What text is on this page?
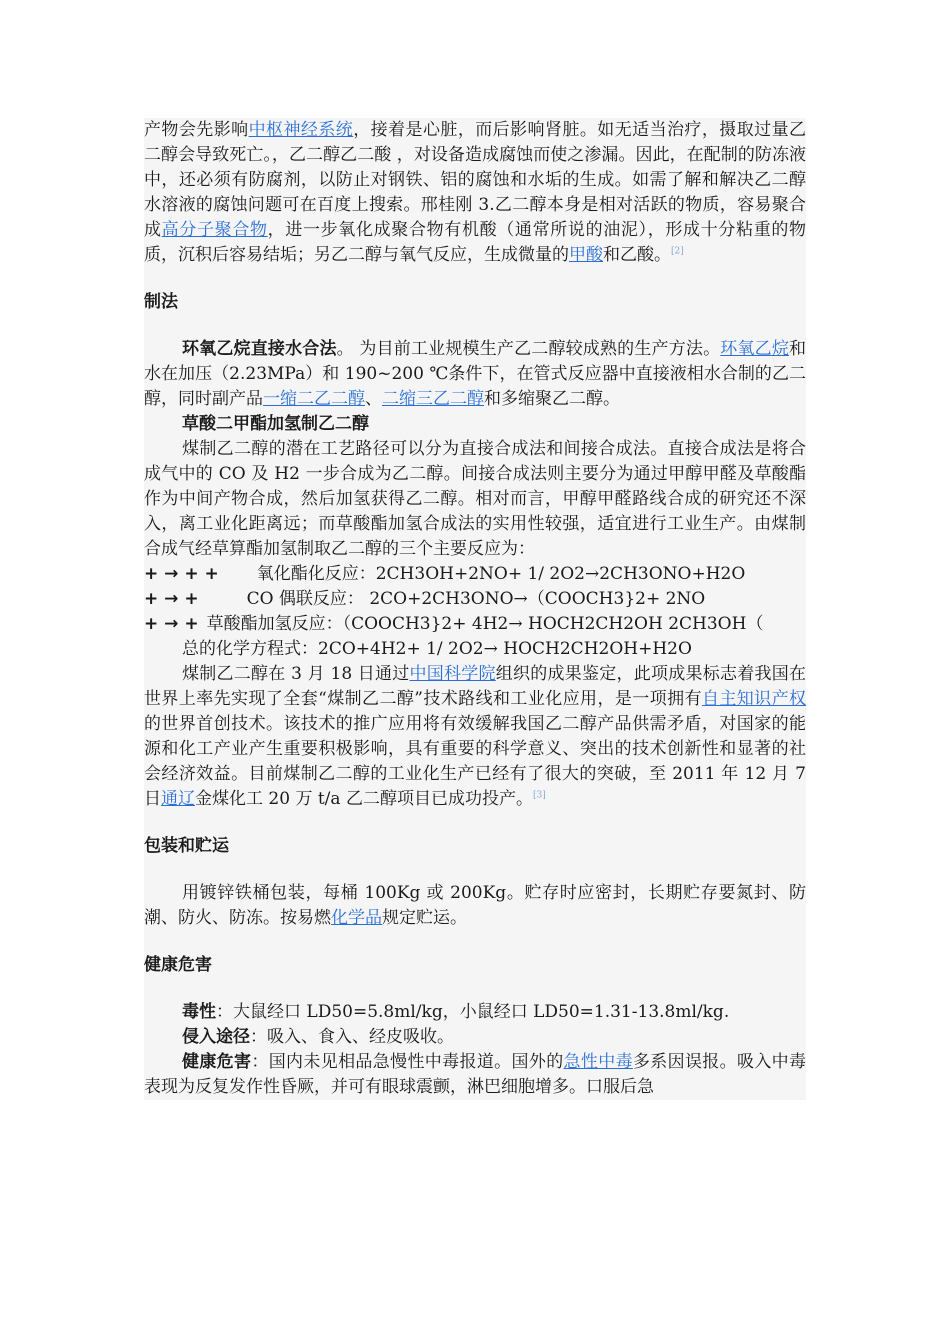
产物会先影响中枢神经系统，接着是心脏，而后影响肾脏。如无适当治疗，摄取过量乙二醇会导致死亡。，乙二醇乙二酸 ，对设备造成腐蚀而使之渗漏。因此，在配制的防冻液中，还必须有防腐剂，以防止对钢铁、铝的腐蚀和水垢的生成。如需了解和解决乙二醇水溶液的腐蚀问题可在百度上搜索。邢桂刚 3.乙二醇本身是相对活跃的物质，容易聚合成高分子聚合物，进一步氧化成聚合物有机酸（通常所说的油泥），形成十分粘重的物质，沉积后容易结垢；另乙二醇与氧气反应，生成微量的甲酸和乙酸。[2]

制法

环氧乙烷直接水合法。 为目前工业规模生产乙二醇较成熟的生产方法。环氧乙烷和水在加压（2.23MPa）和 190~200 ℃条件下，在管式反应器中直接液相水合制的乙二醇，同时副产品一缩二乙二醇、二缩三乙二醇和多缩聚乙二醇。

草酸二甲酯加氢制乙二醇

煤制乙二醇的潜在工艺路径可以分为直接合成法和间接合成法。直接合成法是将合成气中的 CO 及 H2 一步合成为乙二醇。间接合成法则主要分为通过甲醇甲醛及草酸酯作为中间产物合成，然后加氢获得乙二醇。相对而言，甲醇甲醛路线合成的研究还不深入，离工业化距离远；而草酸酯加氢合成法的实用性较强，适宜进行工业生产。由煤制合成气经草算酯加氢制取乙二醇的三个主要反应为：

+ → + + 氧化酯化反应：2CH3OH+2NO+ 1/ 2O2→2CH3ONO+H2O

+ → +	CO 偶联反应： 2CO+2CH3ONO→（COOCH3}2+ 2NO

+ → + 草酸酯加氢反应：（COOCH3}2+ 4H2→ HOCH2CH2OH 2CH3OH（

总的化学方程式：2CO+4H2+ 1/ 2O2→ HOCH2CH2OH+H2O

煤制乙二醇在 3 月 18 日通过中国科学院组织的成果鉴定，此项成果标志着我国在世界上率先实现了全套“煤制乙二醇”技术路线和工业化应用，是一项拥有自主知识产权的世界首创技术。该技术的推广应用将有效缓解我国乙二醇产品供需矛盾，对国家的能源和化工产业产生重要积极影响，具有重要的科学意义、突出的技术创新性和显著的社会经济效益。目前煤制乙二醇的工业化生产已经有了很大的突破，至 2011 年 12 月 7 日通辽金煤化工 20 万 t/a 乙二醇项目已成功投产。[3]

包装和贮运

用镀锌铁桶包装，每桶 100Kg 或 200Kg。贮存时应密封，长期贮存要氮封、防潮、防火、防冻。按易燃化学品规定贮运。

健康危害

毒性：大鼠经口 LD50=5.8ml/kg，小鼠经口 LD50=1.31-13.8ml/kg.

侵入途径：吸入、食入、经皮吸收。

健康危害：国内未见相品急慢性中毒报道。国外的急性中毒多系因误报。吸入中毒表现为反复发作性昏厥，并可有眼球震颤，淋巴细胞增多。口服后急
